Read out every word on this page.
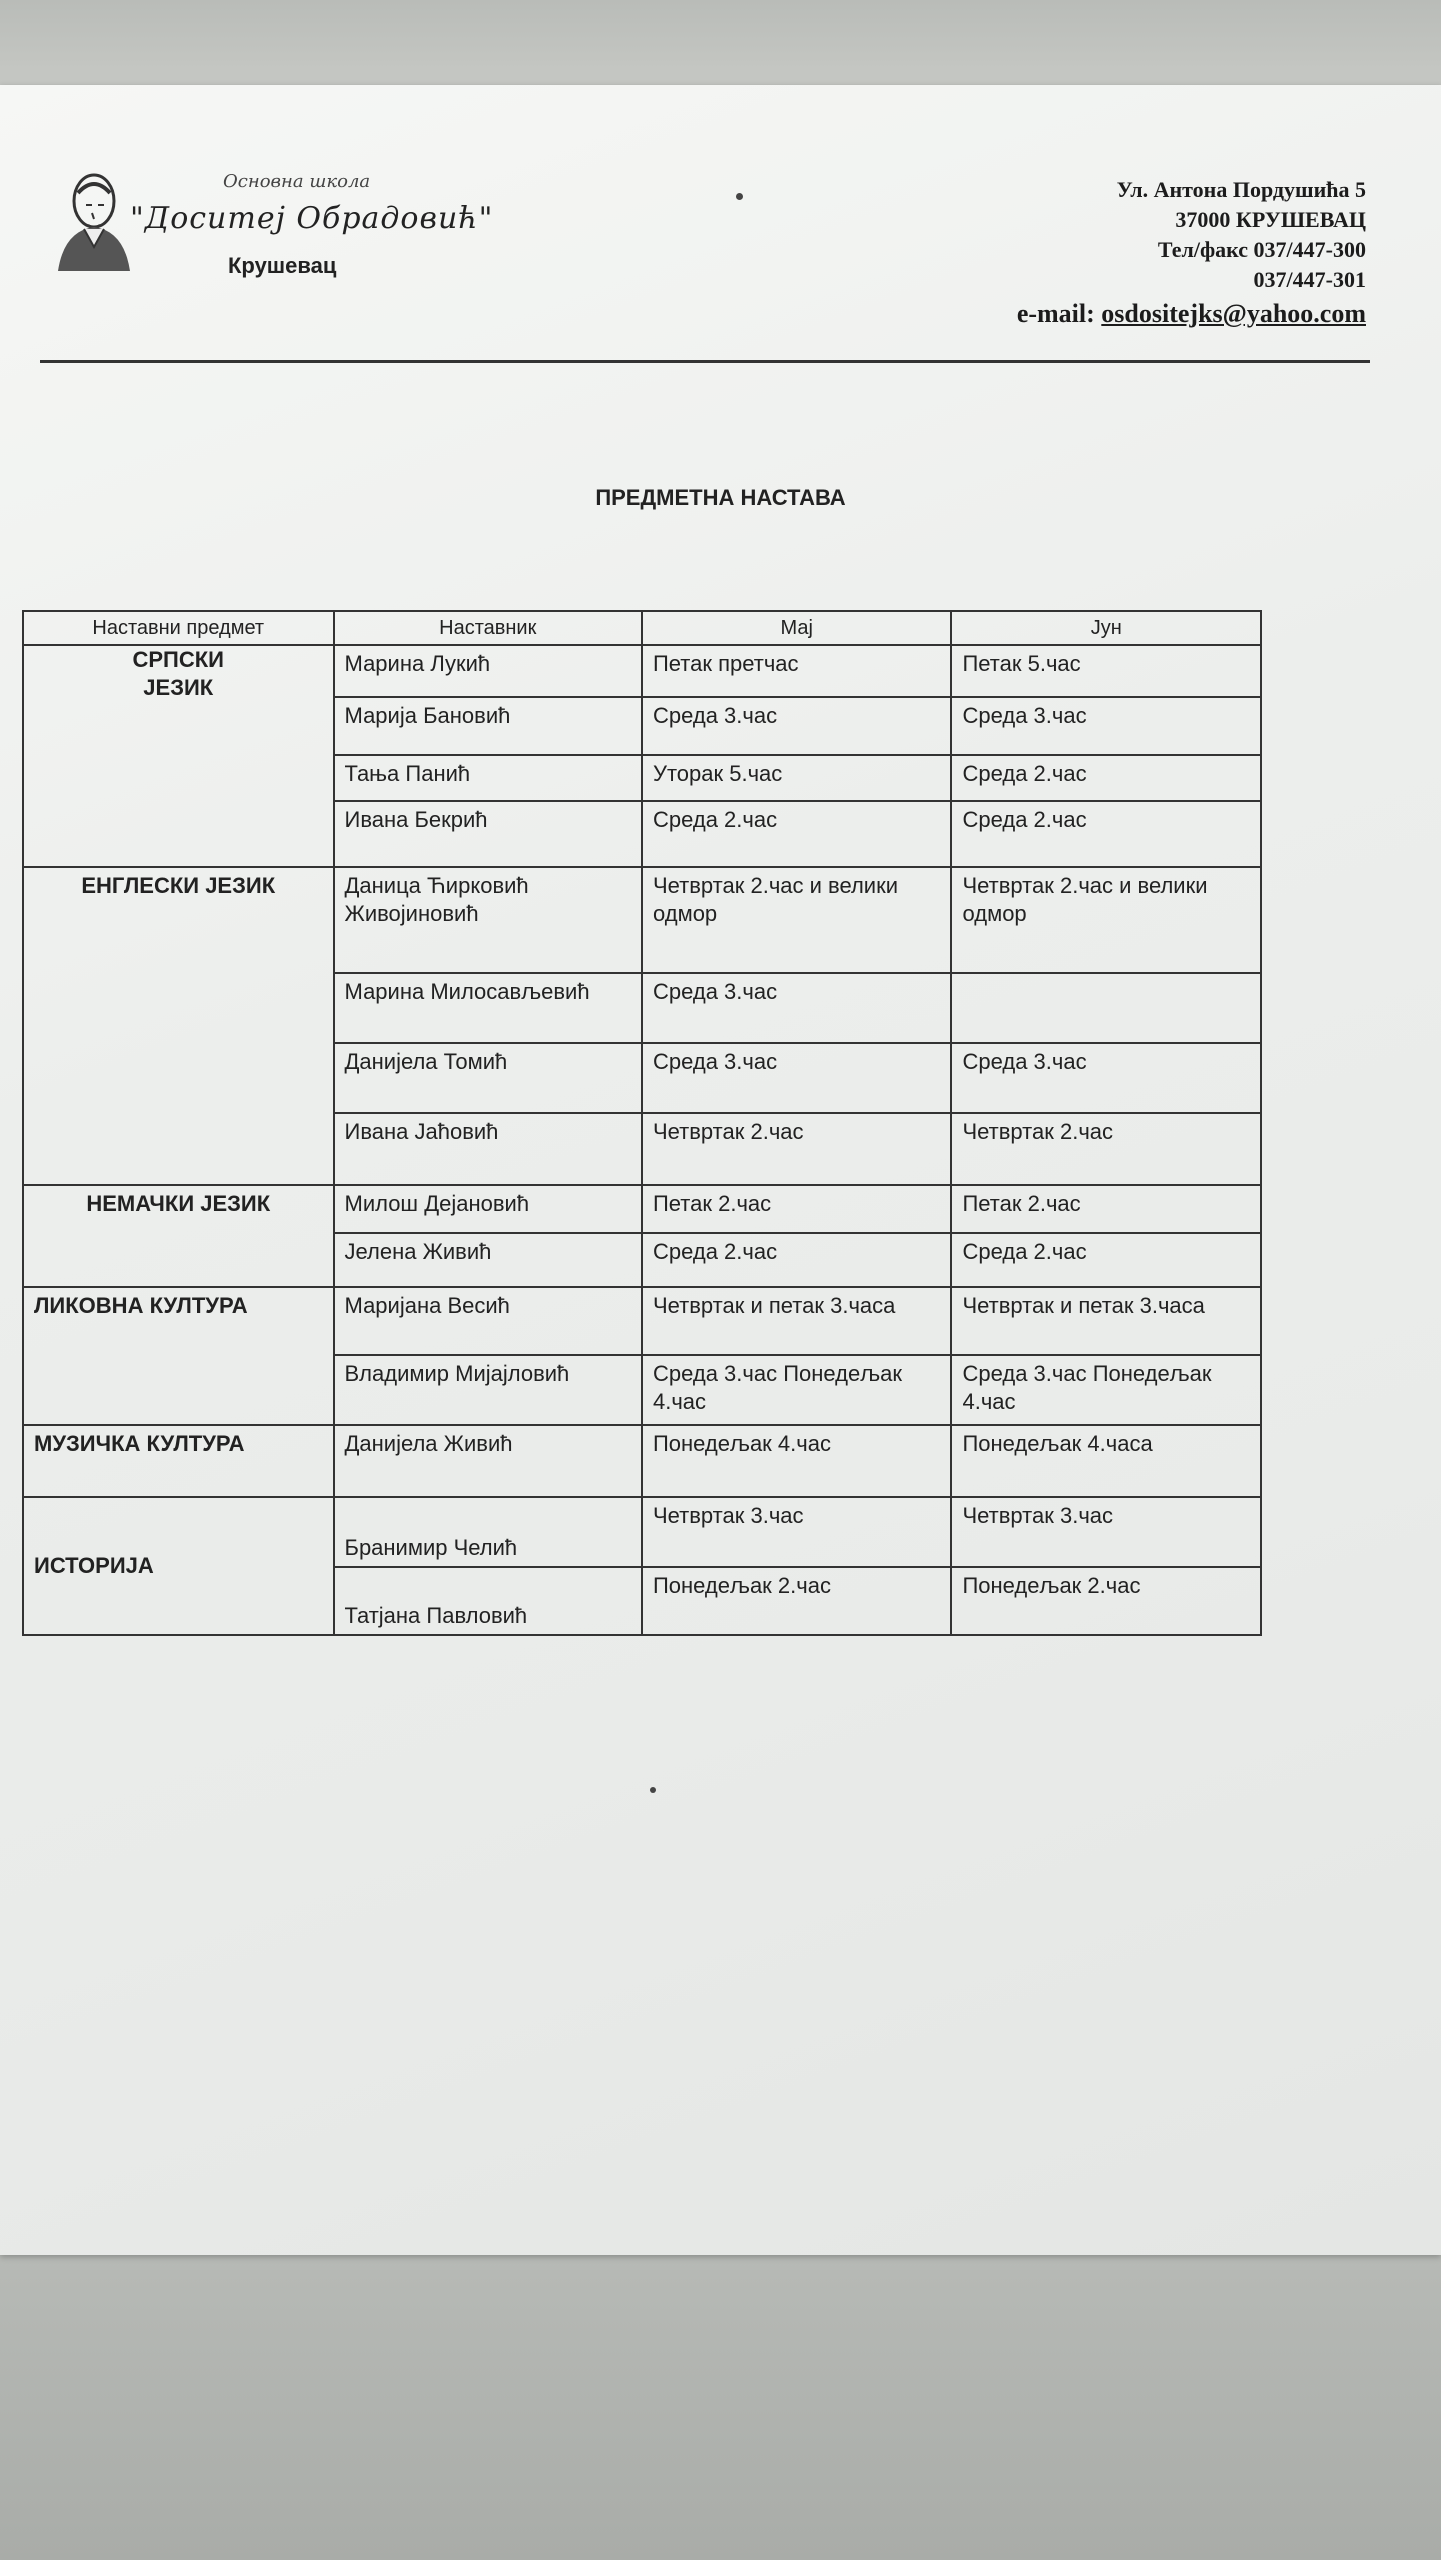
Основна школа
"Доситеј Обрадовић"
Крушевац
Ул. Антона Пордушића 5
37000 КРУШЕВАЦ
Тел/факс 037/447-300
037/447-301
e-mail: osdositejks@yahoo.com
ПРЕДМЕТНА НАСТАВА
Наставни предмет	Наставник	Мај	Јун
СРПСКИ ЈЕЗИК	Марина Лукић	Петак претчас	Петак 5.час
	Марија Бановић	Среда 3.час	Среда 3.час
	Тања Панић	Уторак 5.час	Среда 2.час
	Ивана Бекрић	Среда 2.час	Среда 2.час
ЕНГЛЕСКИ ЈЕЗИК	Даница Ћирковић Живојиновић	Четвртак 2.час и велики одмор	Четвртак 2.час и велики одмор
	Марина Милосављевић	Среда 3.час	
	Данијела Томић	Среда 3.час	Среда 3.час
	Ивана Јаћовић	Четвртак 2.час	Четвртак 2.час
НЕМАЧКИ ЈЕЗИК	Милош Дејановић	Петак 2.час	Петак 2.час
	Јелена Живић	Среда 2.час	Среда 2.час
ЛИКОВНА КУЛТУРА	Маријана Весић	Четвртак и петак 3.часа	Четвртак и петак 3.часа
	Владимир Мијајловић	Среда 3.час Понедељак 4.час	Среда 3.час Понедељак 4.час
МУЗИЧКА КУЛТУРА	Данијела Живић	Понедељак 4.час	Понедељак 4.часа
ИСТОРИЈА	Бранимир Челић	Четвртак 3.час	Четвртак 3.час
	Татјана Павловић	Понедељак 2.час	Понедељак 2.час
